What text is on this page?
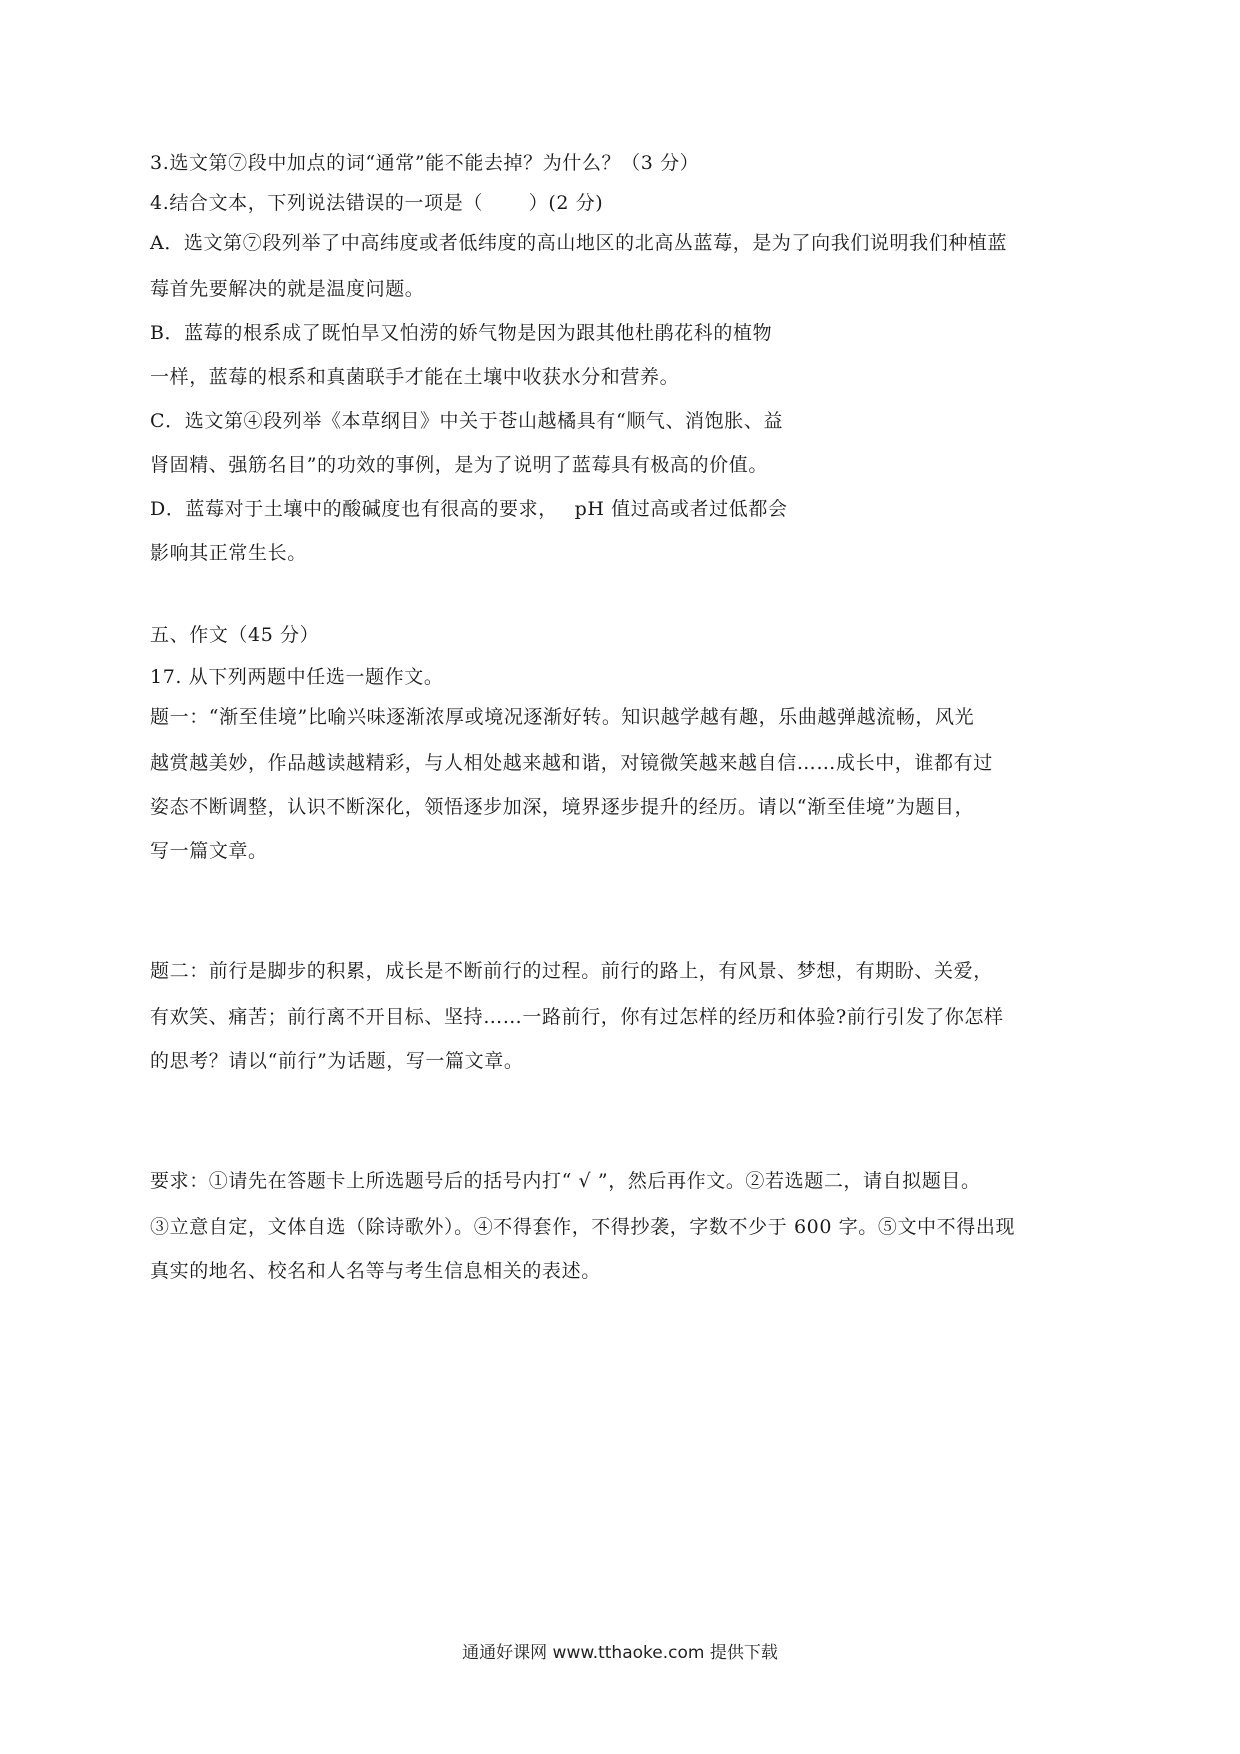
3.选文第⑦段中加点的词“通常”能不能去掉？为什么？（3 分）
4.结合文本，下列说法错误的一项是（　　 ）(2 分)
A．选文第⑦段列举了中高纬度或者低纬度的高山地区的北高丛蓝莓，是为了向我们说明我们种植蓝
莓首先要解决的就是温度问题。
B．蓝莓的根系成了既怕旱又怕涝的娇气物是因为跟其他杜鹃花科的植物
一样，蓝莓的根系和真菌联手才能在土壤中收获水分和营养。
C．选文第④段列举《本草纲目》中关于苍山越橘具有“顺气、消饱胀、益
肾固精、强筋名目”的功效的事例，是为了说明了蓝莓具有极高的价值。
D．蓝莓对于土壤中的酸碱度也有很高的要求，　 pH 值过高或者过低都会
影响其正常生长。
五、作文（45 分）
17. 从下列两题中任选一题作文。
题一：“渐至佳境”比喻兴味逐渐浓厚或境况逐渐好转。知识越学越有趣，乐曲越弹越流畅，风光
越赏越美妙，作品越读越精彩，与人相处越来越和谐，对镜微笑越来越自信……成长中，谁都有过
姿态不断调整，认识不断深化，领悟逐步加深，境界逐步提升的经历。请以“渐至佳境”为题目，
写一篇文章。
题二：前行是脚步的积累，成长是不断前行的过程。前行的路上，有风景、梦想，有期盼、关爱，
有欢笑、痛苦；前行离不开目标、坚持……一路前行，你有过怎样的经历和体验?前行引发了你怎样
的思考？请以“前行”为话题，写一篇文章。
要求：①请先在答题卡上所选题号后的括号内打“ √ ”，然后再作文。②若选题二，请自拟题目。
③立意自定，文体自选（除诗歌外）。④不得套作，不得抄袭，字数不少于 600 字。⑤文中不得出现
真实的地名、校名和人名等与考生信息相关的表述。
通通好课网 www.tthaoke.com 提供下载
